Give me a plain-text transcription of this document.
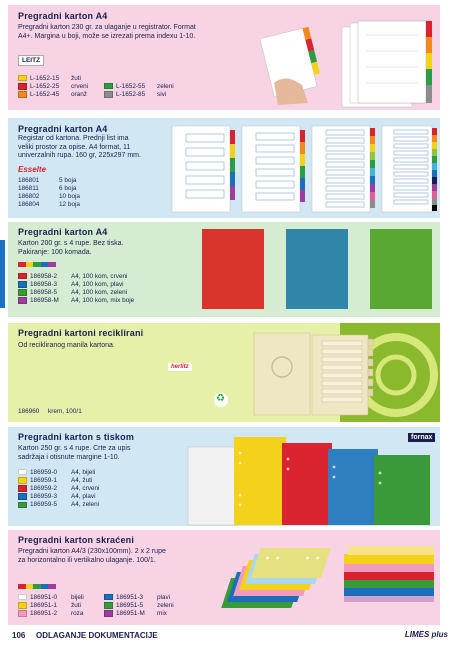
Pregradni karton A4
Pregradni karton 230 gr. za ulaganje u registrator. Format
A4+. Margina u boji, može se izrezati prema indexu 1-10.
LEITZ
L-1652-15	žuti
L-1652-25	crveni
L-1652-45	oranž
L-1652-55	zeleni
L-1652-85	sivi
Pregradni karton A4
Registar od kartona. Prednji list ima
veliki prostor za opise. A4 format, 11
univerzalnih rupa. 160 gr, 225x297 mm.
Esselte
186801	5 boja
186811	6 boja
186802	10 boja
186804	12 boja
Pregradni karton A4
Karton 200 gr. s 4 rupe. Bez tiska.
Pakiranje: 100 komada.
186958-2	A4, 100 kom, crveni
186958-3	A4, 100 kom, plavi
186958-5	A4, 100 kom, zeleni
186958-M	A4, 100 kom, mix boje
Pregradni kartoni reciklirani
Od recikliranog manila kartona.
herlitz
186960	krem, 100/1
♻
Pregradni karton s tiskom
Karton 250 gr. s 4 rupe. Crte za upis
sadržaja i otisnute margine 1-10.
186959-0	A4, bijeli
186959-1	A4, žuti
186959-2	A4, crveni
186959-3	A4, plavi
186959-5	A4, zeleni
fornax
Pregradni karton skraćeni
Pregradni karton A4/3 (230x100mm). 2 x 2 rupe
za horizontalno ili vertikalno ulaganje. 100/1.
186951-0	bijeli
186951-1	žuti
186951-2	roza
186951-3	plavi
186951-5	zeleni
186951-M	mix
106 ODLAGANJE DOKUMENTACIJE	LIMES plus
